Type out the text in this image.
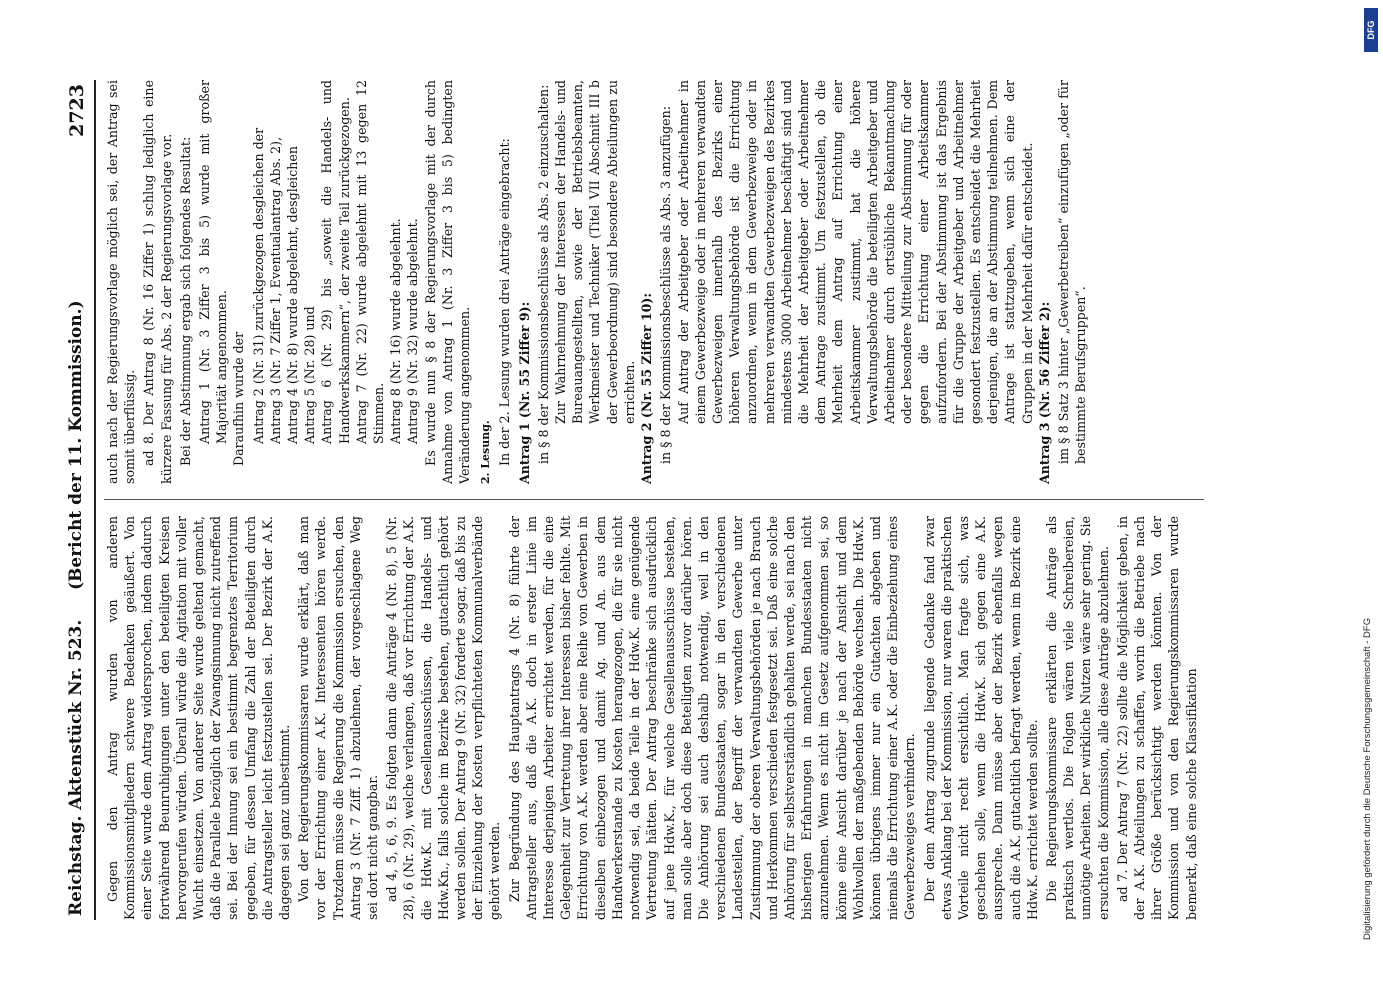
Reichstag. Aktenstück Nr. 523.
(Bericht der 11. Kommission.)
2723

Gegen den Antrag wurden von anderen Kommissionsmitgliedern schwere Bedenken geäußert. Von einer Seite wurde dem Antrag widersprochen, indem dadurch fortwährend Beunruhigungen unter den beteiligten Kreisen hervorgerufen würden. Überall würde die Agitation mit voller Wucht einsetzen. Von anderer Seite wurde geltend gemacht, daß die Parallele bezüglich der Zwangsinnung nicht zutreffend sei. Bei der Innung sei ein bestimmt begrenztes Territorium gegeben, für dessen Umfang die Zahl der Beteiligten durch die Antragsteller leicht festzustellen sei. Der Bezirk der A.K. dagegen sei ganz unbestimmt. Von der Regierungskommissaren wurde erklärt, daß man vor der Errichtung einer A.K. Interessenten hören werde. Trotzdem müsse die Regierung die Kommission ersuchen, den Antrag 3 (Nr. 7 Ziff. 1) abzulehnen, der vorgeschlagene Weg sei dort nicht gangbar. ad 4, 5, 6, 9. Es folgten dann die Anträge 4 (Nr. 8), 5 (Nr. 28), 6 (Nr. 29), welche verlangen, daß vor Errichtung der A.K. die Hdw.K. mit Gesellenausschüssen, die Handels- und Hdw.Kn., falls solche im Bezirke bestehen, gutachtlich gehört werden sollen. Der Antrag 9 (Nr. 32) forderte sogar, daß bis zu der Einziehung der Kosten verpflichteten Kommunalverbände gehört werden. Zur Begründung des Hauptantrags 4 (Nr. 8) führte der Antragsteller aus, daß die A.K. doch in erster Linie im Interesse derjenigen Arbeiter errichtet werden, für die eine Gelegenheit zur Vertretung ihrer Interessen bisher fehlte. Mit Errichtung von A.K. werden aber eine Reihe von Gewerben in dieselben einbezogen und damit Ag. und An. aus dem Handwerkerstande zu Kosten herangezogen, die für sie nicht notwendig sei, da beide Teile in der Hdw.K. eine genügende Vertretung hätten. Der Antrag beschränke sich ausdrücklich auf jene Hdw.K., für welche Gesellenausschüsse bestehen, man solle aber doch diese Beteiligten zuvor darüber hören. Die Anhörung sei auch deshalb notwendig, weil in den verschiedenen Bundesstaaten, sogar in den verschiedenen Landesteilen, der Begriff der verwandten Gewerbe unter Zustimmung der oberen Verwaltungsbehörden je nach Brauch und Herkommen verschieden festgesetzt sei. Daß eine solche Anhörung für selbstverständlich gehalten werde, sei nach den bisherigen Erfahrungen in manchen Bundesstaaten nicht anzunehmen. Wenn es nicht im Gesetz aufgenommen sei, so könne eine Ansicht darüber je nach der Ansicht und dem Wohlwollen der maßgebenden Behörde wechseln. Die Hdw.K. können übrigens immer nur ein Gutachten abgeben und niemals die Errichtung einer A.K. oder die Einbeziehung eines Gewerbezweiges verhindern. Der dem Antrag zugrunde liegende Gedanke fand zwar etwas Anklang bei der Kommission, nur waren die praktischen Vorteile nicht recht ersichtlich. Man fragte sich, was geschehen solle, wenn die Hdw.K. sich gegen eine A.K. ausspreche. Dann müsse aber der Bezirk ebenfalls wegen auch die A.K. gutachtlich befragt werden, wenn im Bezirk eine Hdw.K. errichtet werden sollte. Die Regierungskommissare erklärten die Anträge als praktisch wertlos. Die Folgen wären viele Schreibereien, unnötige Arbeiten. Der wirkliche Nutzen wäre sehr gering. Sie ersuchten die Kommission, alle diese Anträge abzulehnen. ad 7. Der Antrag 7 (Nr. 22) sollte die Möglichkeit geben, in der A.K. Abteilungen zu schaffen, worin die Betriebe nach ihrer Größe berücksichtigt werden könnten. Von der Kommission und von den Regierungskommissaren wurde bemerkt, daß eine solche Klassifikation

auch nach der Regierungsvorlage möglich sei, der Antrag sei somit überflüssig. ad 8. Der Antrag 8 (Nr. 16 Ziffer 1) schlug lediglich eine kürzere Fassung für Abs. 2 der Regierungsvorlage vor. Bei der Abstimmung ergab sich folgendes Resultat: Antrag 1 (Nr. 3 Ziffer 3 bis 5) wurde mit großer Majorität angenommen. Daraufhin wurde der Antrag 2 (Nr. 31) zurückgezogen desgleichen der Antrag 3 (Nr. 7 Ziffer 1, Eventualantrag Abs. 2), Antrag 4 (Nr. 8) wurde abgelehnt, desgleichen Antrag 5 (Nr. 28) und Antrag 6 (Nr. 29) bis „soweit die Handels- und Handwerkskammern“, der zweite Teil zurückgezogen. Antrag 7 (Nr. 22) wurde abgelehnt mit 13 gegen 12 Stimmen. Antrag 8 (Nr. 16) wurde abgelehnt. Antrag 9 (Nr. 32) wurde abgelehnt. Es wurde nun § 8 der Regierungsvorlage mit der durch Annahme von Antrag 1 (Nr. 3 Ziffer 3 bis 5) bedingten Veränderung angenommen. 2. Lesung. In der 2. Lesung wurden drei Anträge eingebracht: Antrag 1 (Nr. 55 Ziffer 9): in § 8 der Kommissionsbeschlüsse als Abs. 2 einzuschalten: Zur Wahrnehmung der Interessen der Handels- und Bureauangestellten, sowie der Betriebsbeamten, Werkmeister und Techniker (Titel VII Abschnitt III b der Gewerbeordnung) sind besondere Abteilungen zu errichten. Antrag 2 (Nr. 55 Ziffer 10): in § 8 der Kommissionsbeschlüsse als Abs. 3 anzufügen: Auf Antrag der Arbeitgeber oder Arbeitnehmer in einem Gewerbezweige oder in mehreren verwandten Gewerbezweigen innerhalb des Bezirks einer höheren Verwaltungsbehörde ist die Errichtung anzuordnen, wenn in dem Gewerbezweige oder in mehreren verwandten Gewerbezweigen des Bezirkes mindestens 3000 Arbeitnehmer beschäftigt sind und die Mehrheit der Arbeitgeber oder Arbeitnehmer dem Antrage zustimmt. Um festzustellen, ob die Mehrheit dem Antrag auf Errichtung einer Arbeitskammer zustimmt, hat die höhere Verwaltungsbehörde die beteiligten Arbeitgeber und Arbeitnehmer durch ortsübliche Bekanntmachung oder besondere Mitteilung zur Abstimmung für oder gegen die Errichtung einer Arbeitskammer aufzufordern. Bei der Abstimmung ist das Ergebnis für die Gruppe der Arbeitgeber und Arbeitnehmer gesondert festzustellen. Es entscheidet die Mehrheit derjenigen, die an der Abstimmung teilnehmen. Dem Antrage ist stattzugeben, wenn sich eine der Gruppen in der Mehrheit dafür entscheidet. Antrag 3 (Nr. 56 Ziffer 2): im § 8 Satz 3 hinter „Gewerbetreiben“ einzufügen „oder für bestimmte Berufsgruppen“.

DFG
Digitalisierung gefördert durch die Deutsche Forschungsgemeinschaft - DFG
